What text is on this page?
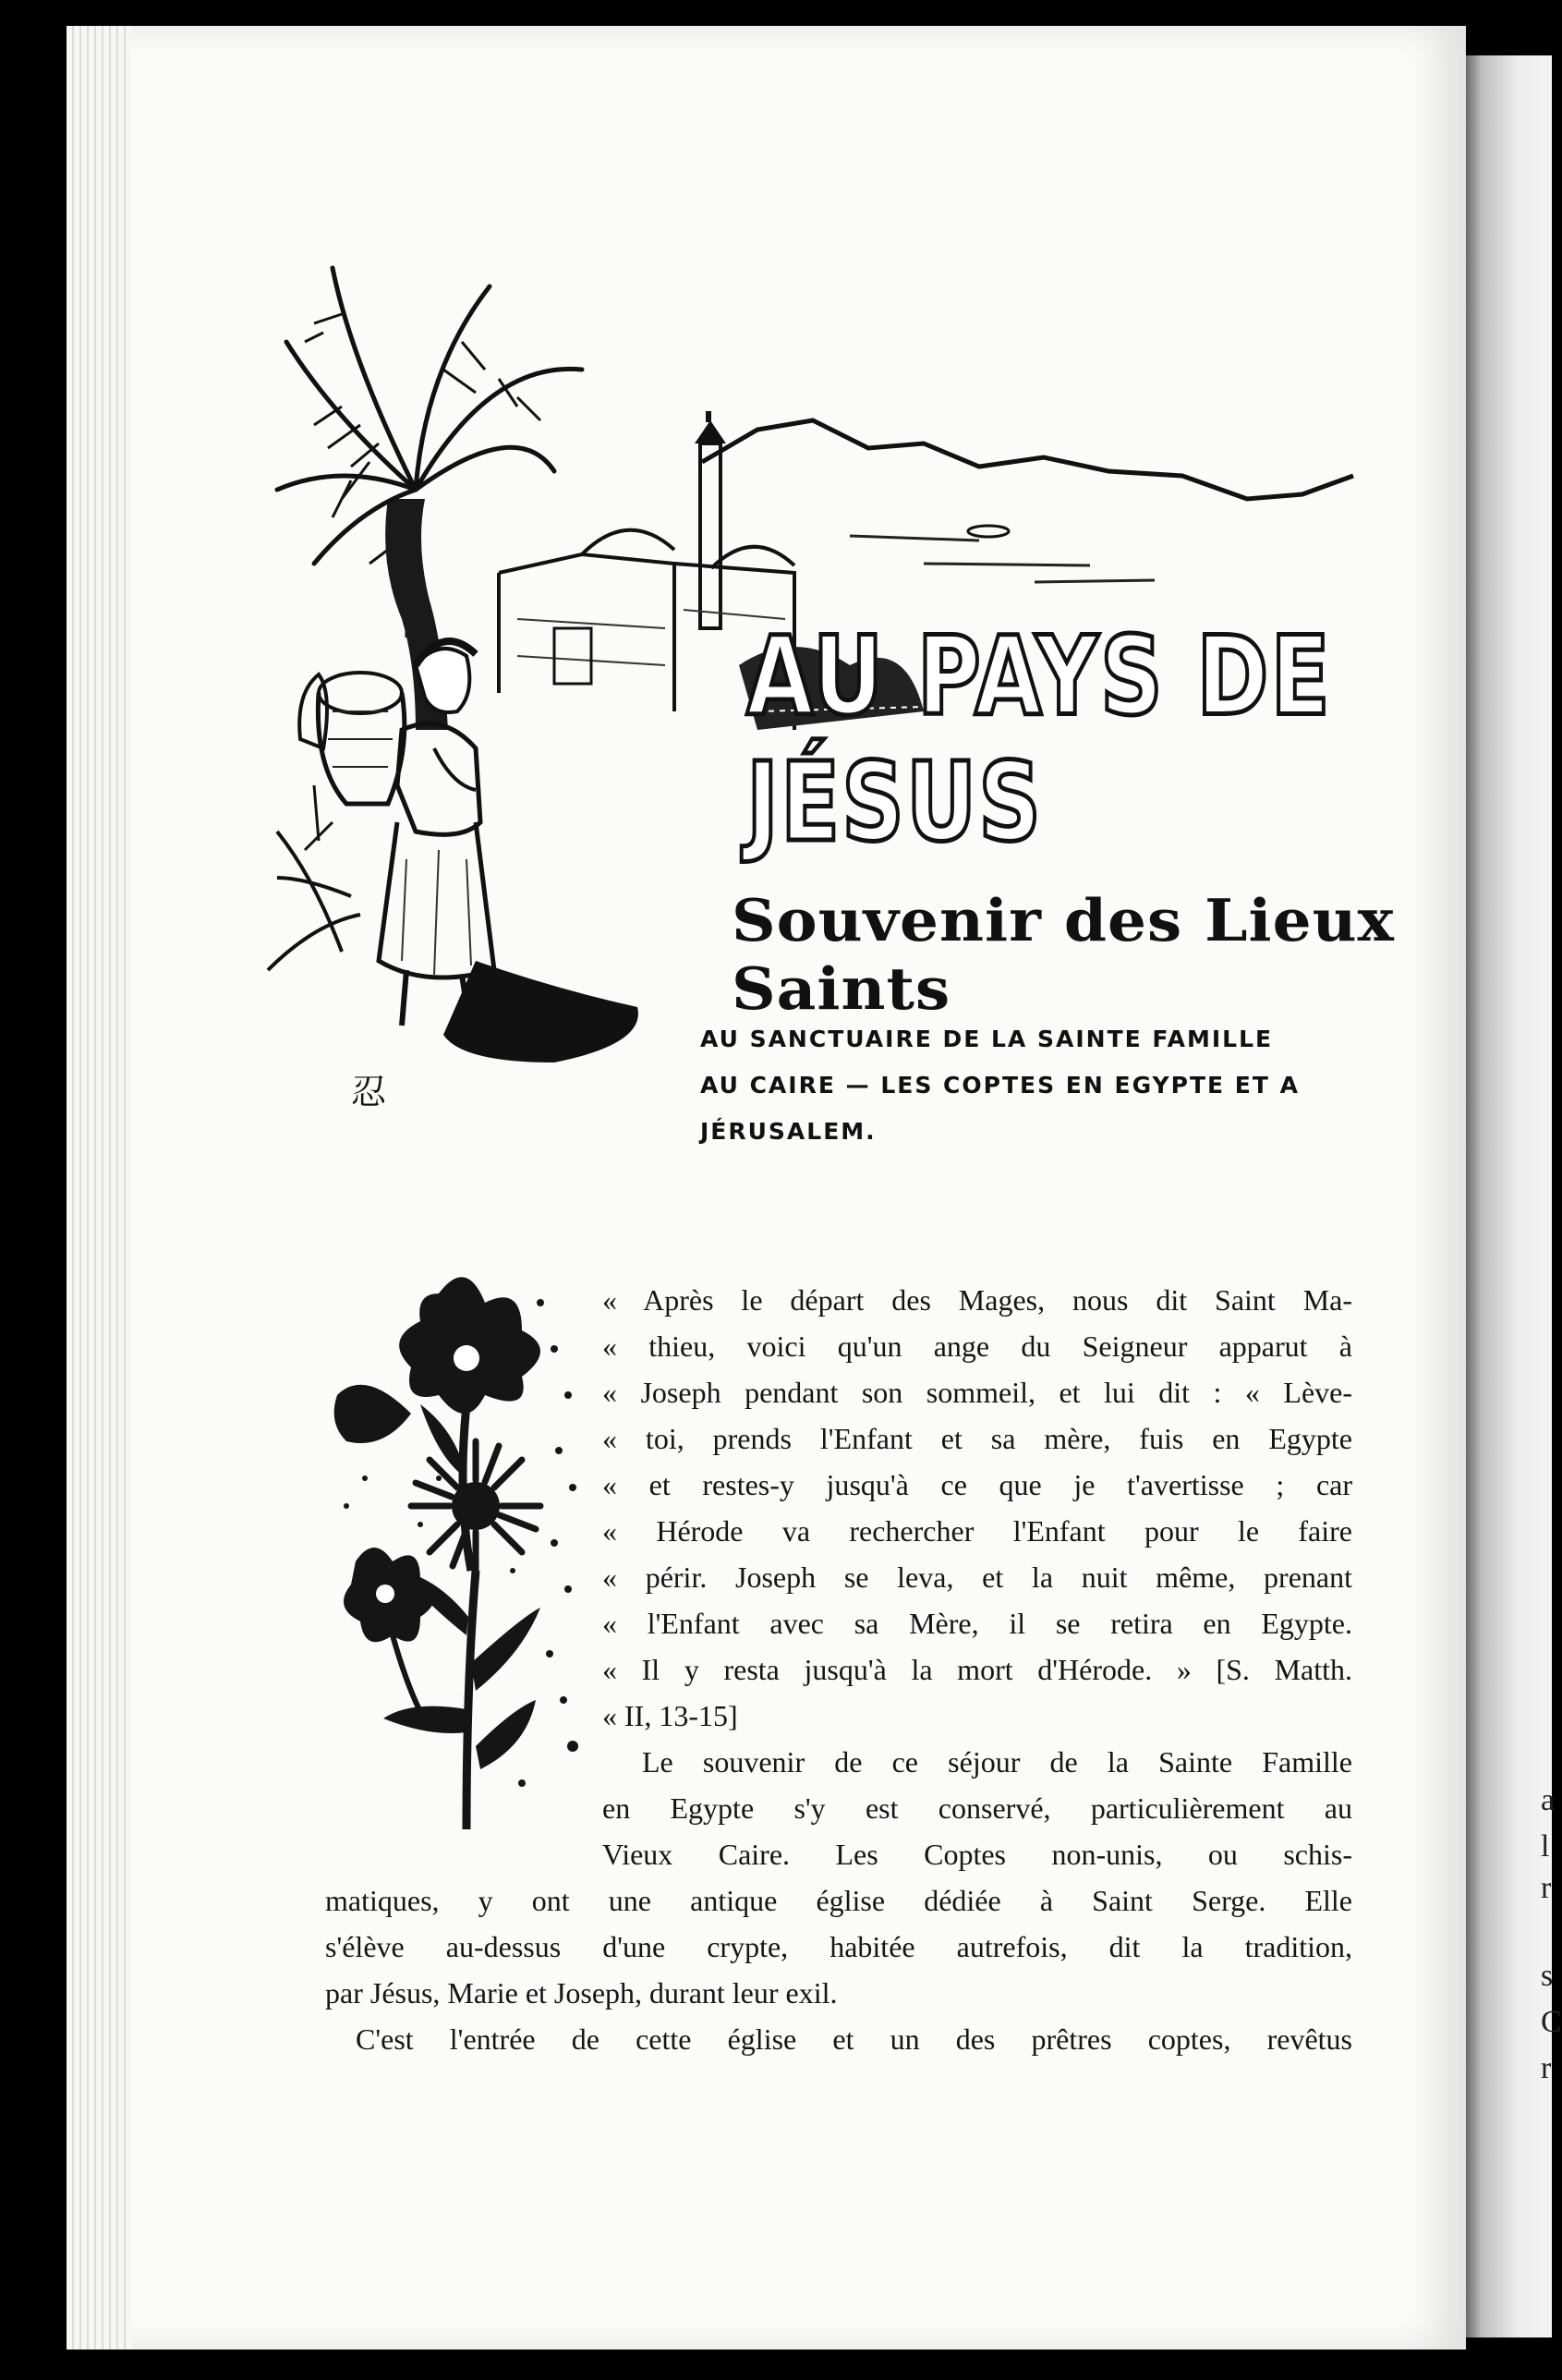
a
l
r
s
C
r
忍
AU PAYS DE JÉSUS
Souvenir des Lieux Saints
AU SANCTUAIRE DE LA SAINTE FAMILLE
AU CAIRE — LES COPTES EN EGYPTE ET A
JÉRUSALEM.
« Après le départ des Mages, nous dit Saint Ma-
« thieu, voici qu'un ange du Seigneur apparut à
« Joseph pendant son sommeil, et lui dit : « Lève-
« toi, prends l'Enfant et sa mère, fuis en Egypte
« et restes-y jusqu'à ce que je t'avertisse ; car
« Hérode va rechercher l'Enfant pour le faire
« périr. Joseph se leva, et la nuit même, prenant
« l'Enfant avec sa Mère, il se retira en Egypte.
« Il y resta jusqu'à la mort d'Hérode. » [S. Matth.
« II, 13-15]
Le souvenir de ce séjour de la Sainte Famille
en Egypte s'y est conservé, particulièrement au
Vieux Caire. Les Coptes non-unis, ou schis-
matiques, y ont une antique église dédiée à Saint Serge. Elle
s'élève au-dessus d'une crypte, habitée autrefois, dit la tradition,
par Jésus, Marie et Joseph, durant leur exil.
C'est l'entrée de cette église et un des prêtres coptes, revêtus
